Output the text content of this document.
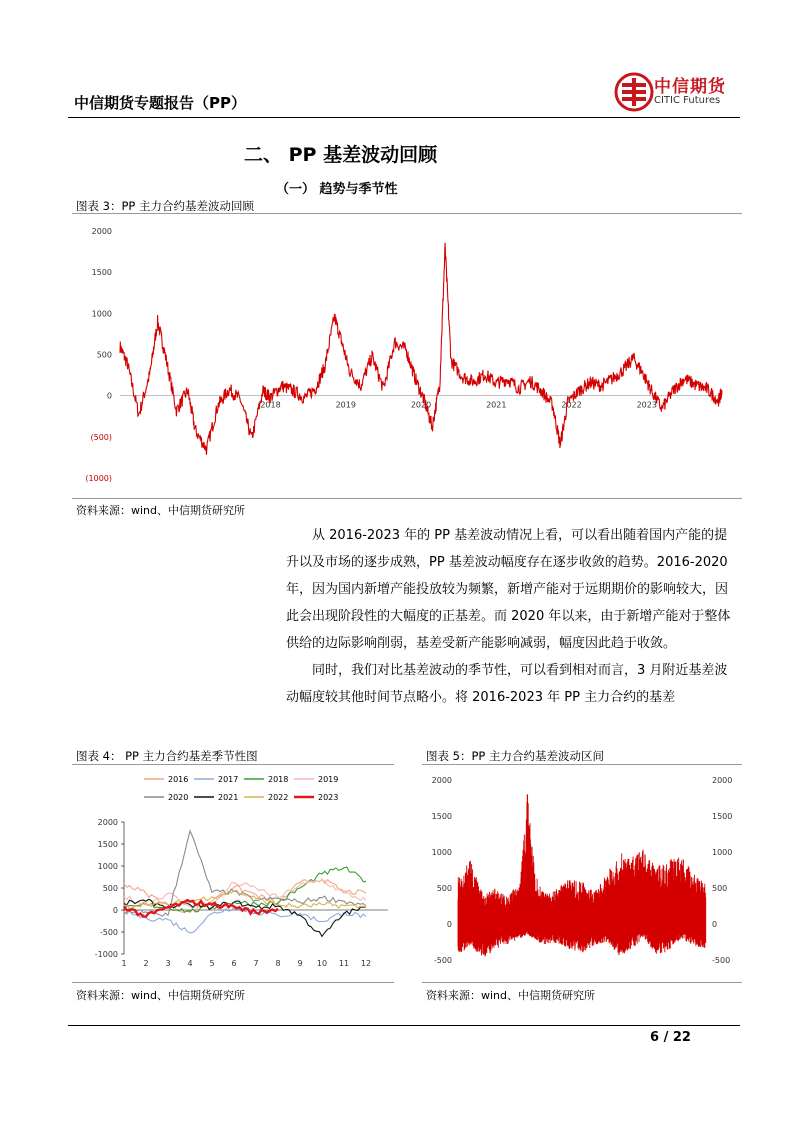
中信期货专题报告（PP）
中信期货
CITIC Futures
二、 PP 基差波动回顾
（一） 趋势与季节性
图表 3：PP 主力合约基差波动回顾
2000
1500
1000
500
0
(500)
(1000)
2018	2019	2020	2021	2022	2023
资料来源：wind、中信期货研究所

从 2016-2023 年的 PP 基差波动情况上看，可以看出随着国内产能的提升以及市场的逐步成熟，PP 基差波动幅度存在逐步收敛的趋势。2016-2020 年，因为国内新增产能投放较为频繁，新增产能对于远期期价的影响较大，因此会出现阶段性的大幅度的正基差。而 2020 年以来，由于新增产能对于整体供给的边际影响削弱，基差受新产能影响减弱，幅度因此趋于收敛。

同时，我们对比基差波动的季节性，可以看到相对而言，3 月附近基差波动幅度较其他时间节点略小。将 2016-2023 年 PP 主力合约的基差

图表 4： PP 主力合约基差季节性图
2016	2017	2018	2019
2020	2021	2022	2023
2000
1500
1000
500
0
-500
-1000
1 2 3 4 5 6 7 8 9 10 11 12
资料来源：wind、中信期货研究所
图表 5：PP 主力合约基差波动区间
2000	2000
1500	1500
1000	1000
500	500
0	0
-500	-500
资料来源：wind、中信期货研究所
6 / 22
